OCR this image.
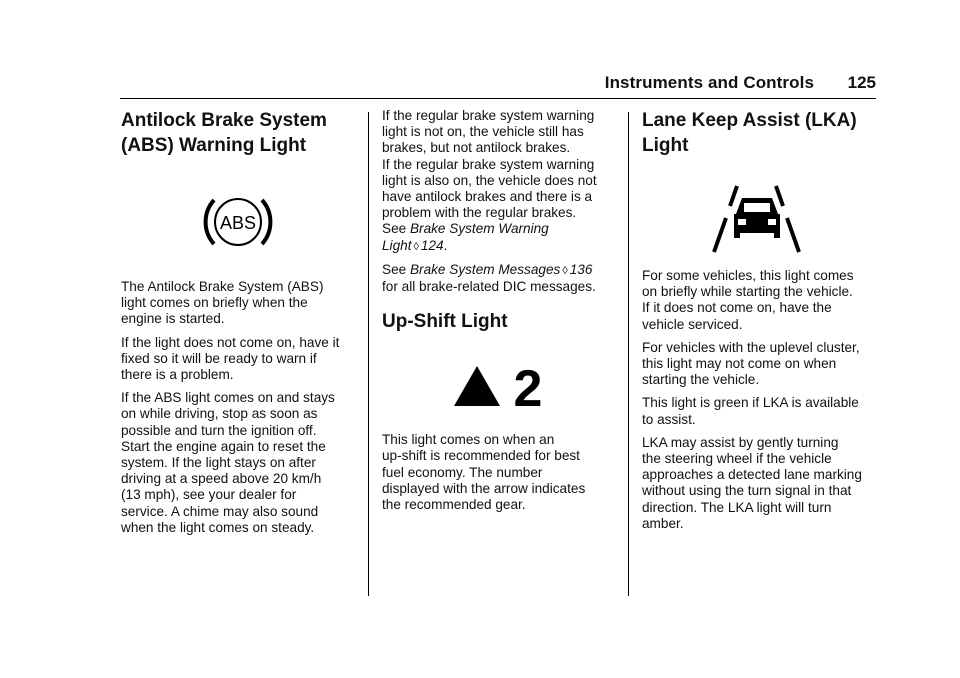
Instruments and Controls	125
Antilock Brake System
(ABS) Warning Light
ABS

The Antilock Brake System (ABS)
light comes on briefly when the
engine is started.

If the light does not come on, have it
fixed so it will be ready to warn if
there is a problem.

If the ABS light comes on and stays
on while driving, stop as soon as
possible and turn the ignition off.
Start the engine again to reset the
system. If the light stays on after
driving at a speed above 20 km/h
(13 mph), see your dealer for
service. A chime may also sound
when the light comes on steady.

If the regular brake system warning
light is not on, the vehicle still has
brakes, but not antilock brakes.
If the regular brake system warning
light is also on, the vehicle does not
have antilock brakes and there is a
problem with the regular brakes.
See Brake System Warning
Light ◊ 124.

See Brake System Messages ◊ 136
for all brake-related DIC messages.

Up-Shift Light
2

This light comes on when an
up-shift is recommended for best
fuel economy. The number
displayed with the arrow indicates
the recommended gear.

Lane Keep Assist (LKA)
Light

For some vehicles, this light comes
on briefly while starting the vehicle.
If it does not come on, have the
vehicle serviced.

For vehicles with the uplevel cluster,
this light may not come on when
starting the vehicle.

This light is green if LKA is available
to assist.

LKA may assist by gently turning
the steering wheel if the vehicle
approaches a detected lane marking
without using the turn signal in that
direction. The LKA light will turn
amber.
